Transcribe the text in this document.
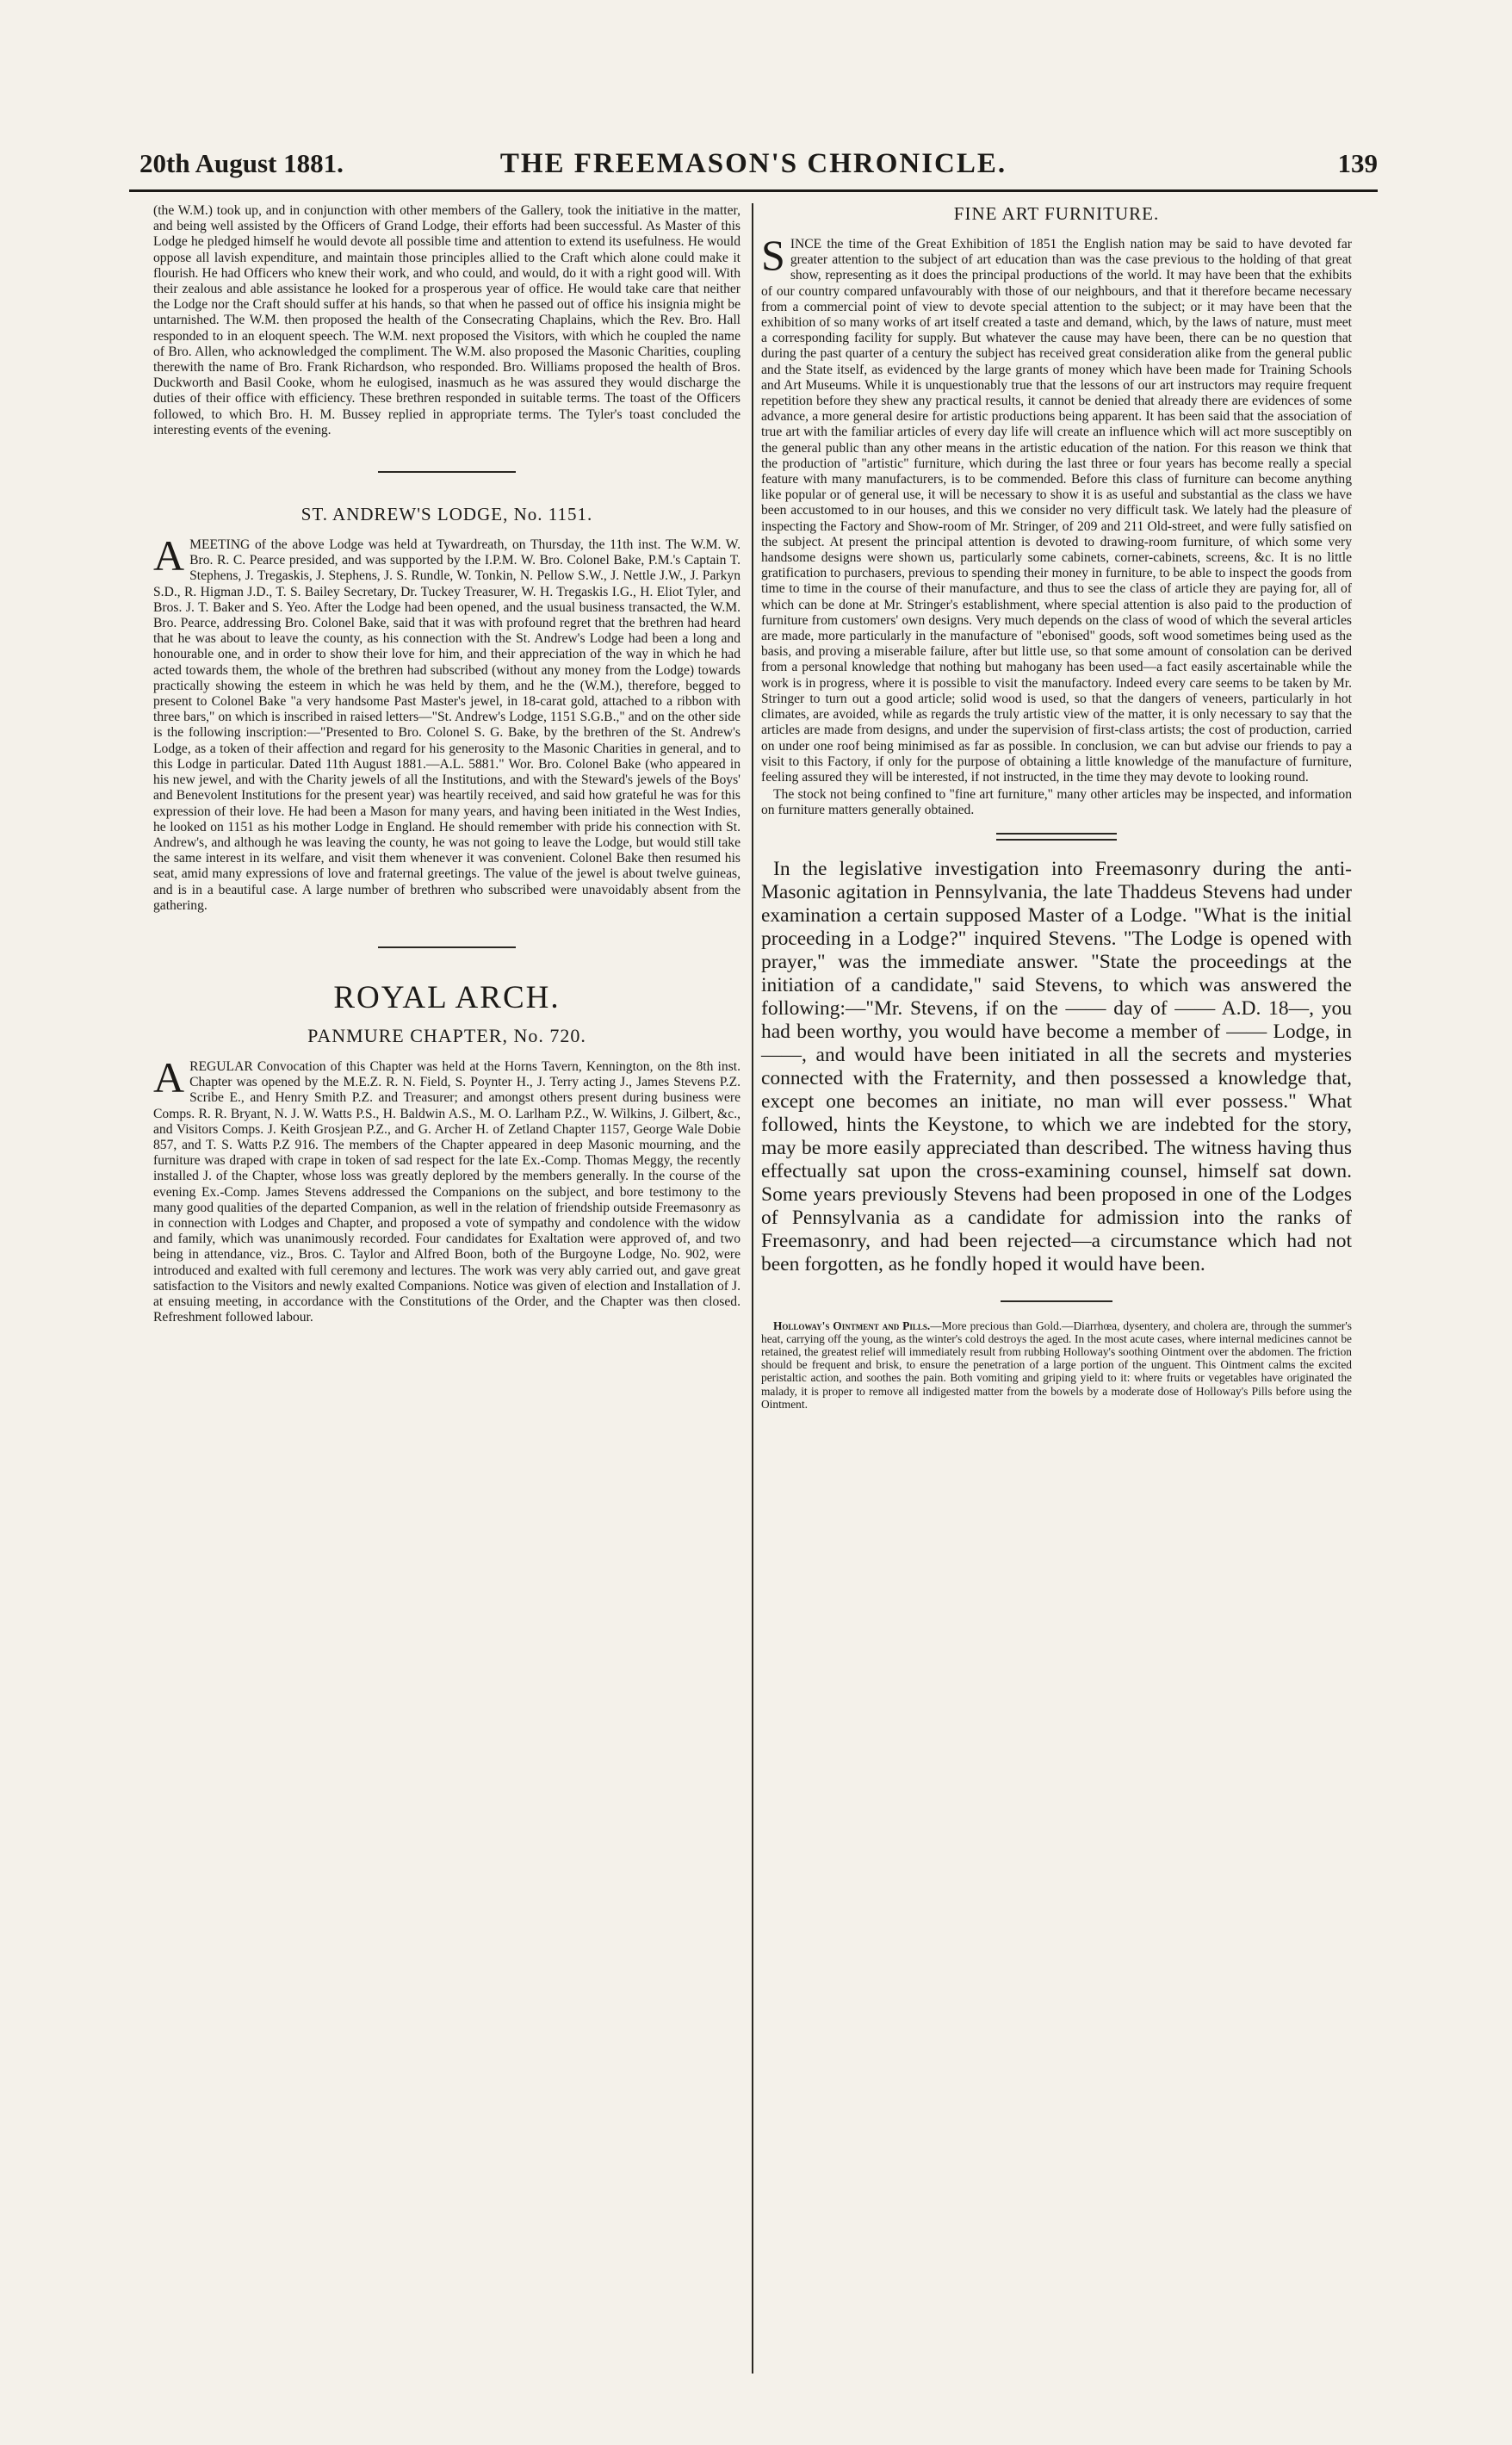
20th August 1881.	THE FREEMASON'S CHRONICLE.	139

(the W.M.) took up, and in conjunction with other members of the Gallery, took the initiative in the matter, and being well assisted by the Officers of Grand Lodge, their efforts had been successful. As Master of this Lodge he pledged himself he would devote all possible time and attention to extend its usefulness. He would oppose all lavish expenditure, and maintain those principles allied to the Craft which alone could make it flourish. He had Officers who knew their work, and who could, and would, do it with a right good will. With their zealous and able assistance he looked for a prosperous year of office. He would take care that neither the Lodge nor the Craft should suffer at his hands, so that when he passed out of office his insignia might be untarnished. The W.M. then proposed the health of the Consecrating Chaplains, which the Rev. Bro. Hall responded to in an eloquent speech. The W.M. next proposed the Visitors, with which he coupled the name of Bro. Allen, who acknowledged the compliment. The W.M. also proposed the Masonic Charities, coupling therewith the name of Bro. Frank Richardson, who responded. Bro. Williams proposed the health of Bros. Duckworth and Basil Cooke, whom he eulogised, inasmuch as he was assured they would discharge the duties of their office with efficiency. These brethren responded in suitable terms. The toast of the Officers followed, to which Bro. H. M. Bussey replied in appropriate terms. The Tyler's toast concluded the interesting events of the evening.

ST. ANDREW'S LODGE, No. 1151.

A MEETING of the above Lodge was held at Tywardreath, on Thursday, the 11th inst. The W.M. W. Bro. R. C. Pearce presided, and was supported by the I.P.M. W. Bro. Colonel Bake, P.M.'s Captain T. Stephens, J. Tregaskis, J. Stephens, J. S. Rundle, W. Tonkin, N. Pellow S.W., J. Nettle J.W., J. Parkyn S.D., R. Higman J.D., T. S. Bailey Secretary, Dr. Tuckey Treasurer, W. H. Tregaskis I.G., H. Eliot Tyler, and Bros. J. T. Baker and S. Yeo. After the Lodge had been opened, and the usual business transacted, the W.M. Bro. Pearce, addressing Bro. Colonel Bake, said that it was with profound regret that the brethren had heard that he was about to leave the county, as his connection with the St. Andrew's Lodge had been a long and honourable one, and in order to show their love for him, and their appreciation of the way in which he had acted towards them, the whole of the brethren had subscribed (without any money from the Lodge) towards practically showing the esteem in which he was held by them, and he the (W.M.), therefore, begged to present to Colonel Bake "a very handsome Past Master's jewel, in 18-carat gold, attached to a ribbon with three bars," on which is inscribed in raised letters—"St. Andrew's Lodge, 1151 S.G.B.," and on the other side is the following inscription:—"Presented to Bro. Colonel S. G. Bake, by the brethren of the St. Andrew's Lodge, as a token of their affection and regard for his generosity to the Masonic Charities in general, and to this Lodge in particular. Dated 11th August 1881.—A.L. 5881." Wor. Bro. Colonel Bake (who appeared in his new jewel, and with the Charity jewels of all the Institutions, and with the Steward's jewels of the Boys' and Benevolent Institutions for the present year) was heartily received, and said how grateful he was for this expression of their love. He had been a Mason for many years, and having been initiated in the West Indies, he looked on 1151 as his mother Lodge in England. He should remember with pride his connection with St. Andrew's, and although he was leaving the county, he was not going to leave the Lodge, but would still take the same interest in its welfare, and visit them whenever it was convenient. Colonel Bake then resumed his seat, amid many expressions of love and fraternal greetings. The value of the jewel is about twelve guineas, and is in a beautiful case. A large number of brethren who subscribed were unavoidably absent from the gathering.

ROYAL ARCH.
PANMURE CHAPTER, No. 720.

A REGULAR Convocation of this Chapter was held at the Horns Tavern, Kennington, on the 8th inst. Chapter was opened by the M.E.Z. R. N. Field, S. Poynter H., J. Terry acting J., James Stevens P.Z. Scribe E., and Henry Smith P.Z. and Treasurer; and amongst others present during business were Comps. R. R. Bryant, N. J. W. Watts P.S., H. Baldwin A.S., M. O. Larlham P.Z., W. Wilkins, J. Gilbert, &c., and Visitors Comps. J. Keith Grosjean P.Z., and G. Archer H. of Zetland Chapter 1157, George Wale Dobie 857, and T. S. Watts P.Z 916. The members of the Chapter appeared in deep Masonic mourning, and the furniture was draped with crape in token of sad respect for the late Ex.-Comp. Thomas Meggy, the recently installed J. of the Chapter, whose loss was greatly deplored by the members generally. In the course of the evening Ex.-Comp. James Stevens addressed the Companions on the subject, and bore testimony to the many good qualities of the departed Companion, as well in the relation of friendship outside Freemasonry as in connection with Lodges and Chapter, and proposed a vote of sympathy and condolence with the widow and family, which was unanimously recorded. Four candidates for Exaltation were approved of, and two being in attendance, viz., Bros. C. Taylor and Alfred Boon, both of the Burgoyne Lodge, No. 902, were introduced and exalted with full ceremony and lectures. The work was very ably carried out, and gave great satisfaction to the Visitors and newly exalted Companions. Notice was given of election and Installation of J. at ensuing meeting, in accordance with the Constitutions of the Order, and the Chapter was then closed. Refreshment followed labour.

FINE ART FURNITURE.

S INCE the time of the Great Exhibition of 1851 the English nation may be said to have devoted far greater attention to the subject of art education than was the case previous to the holding of that great show, representing as it does the principal productions of the world. It may have been that the exhibits of our country compared unfavourably with those of our neighbours, and that it therefore became necessary from a commercial point of view to devote special attention to the subject; or it may have been that the exhibition of so many works of art itself created a taste and demand, which, by the laws of nature, must meet a corresponding facility for supply. But whatever the cause may have been, there can be no question that during the past quarter of a century the subject has received great consideration alike from the general public and the State itself, as evidenced by the large grants of money which have been made for Training Schools and Art Museums. While it is unquestionably true that the lessons of our art instructors may require frequent repetition before they shew any practical results, it cannot be denied that already there are evidences of some advance, a more general desire for artistic productions being apparent. It has been said that the association of true art with the familiar articles of every day life will create an influence which will act more susceptibly on the general public than any other means in the artistic education of the nation. For this reason we think that the production of "artistic" furniture, which during the last three or four years has become really a special feature with many manufacturers, is to be commended. Before this class of furniture can become anything like popular or of general use, it will be necessary to show it is as useful and substantial as the class we have been accustomed to in our houses, and this we consider no very difficult task. We lately had the pleasure of inspecting the Factory and Show-room of Mr. Stringer, of 209 and 211 Old-street, and were fully satisfied on the subject. At present the principal attention is devoted to drawing-room furniture, of which some very handsome designs were shown us, particularly some cabinets, corner-cabinets, screens, &c. It is no little gratification to purchasers, previous to spending their money in furniture, to be able to inspect the goods from time to time in the course of their manufacture, and thus to see the class of article they are paying for, all of which can be done at Mr. Stringer's establishment, where special attention is also paid to the production of furniture from customers' own designs. Very much depends on the class of wood of which the several articles are made, more particularly in the manufacture of "ebonised" goods, soft wood sometimes being used as the basis, and proving a miserable failure, after but little use, so that some amount of consolation can be derived from a personal knowledge that nothing but mahogany has been used—a fact easily ascertainable while the work is in progress, where it is possible to visit the manufactory. Indeed every care seems to be taken by Mr. Stringer to turn out a good article; solid wood is used, so that the dangers of veneers, particularly in hot climates, are avoided, while as regards the truly artistic view of the matter, it is only necessary to say that the articles are made from designs, and under the supervision of first-class artists; the cost of production, carried on under one roof being minimised as far as possible. In conclusion, we can but advise our friends to pay a visit to this Factory, if only for the purpose of obtaining a little knowledge of the manufacture of furniture, feeling assured they will be interested, if not instructed, in the time they may devote to looking round.

The stock not being confined to "fine art furniture," many other articles may be inspected, and information on furniture matters generally obtained.

In the legislative investigation into Freemasonry during the anti-Masonic agitation in Pennsylvania, the late Thaddeus Stevens had under examination a certain supposed Master of a Lodge. "What is the initial proceeding in a Lodge?" inquired Stevens. "The Lodge is opened with prayer," was the immediate answer. "State the proceedings at the initiation of a candidate," said Stevens, to which was answered the following:—"Mr. Stevens, if on the —— day of —— A.D. 18—, you had been worthy, you would have become a member of —— Lodge, in ——, and would have been initiated in all the secrets and mysteries connected with the Fraternity, and then possessed a knowledge that, except one becomes an initiate, no man will ever possess." What followed, hints the Keystone, to which we are indebted for the story, may be more easily appreciated than described. The witness having thus effectually sat upon the cross-examining counsel, himself sat down. Some years previously Stevens had been proposed in one of the Lodges of Pennsylvania as a candidate for admission into the ranks of Freemasonry, and had been rejected—a circumstance which had not been forgotten, as he fondly hoped it would have been.

Holloway's Ointment and Pills.—More precious than Gold.—Diarrhœa, dysentery, and cholera are, through the summer's heat, carrying off the young, as the winter's cold destroys the aged. In the most acute cases, where internal medicines cannot be retained, the greatest relief will immediately result from rubbing Holloway's soothing Ointment over the abdomen. The friction should be frequent and brisk, to ensure the penetration of a large portion of the unguent. This Ointment calms the excited peristaltic action, and soothes the pain. Both vomiting and griping yield to it: where fruits or vegetables have originated the malady, it is proper to remove all indigested matter from the bowels by a moderate dose of Holloway's Pills before using the Ointment.
